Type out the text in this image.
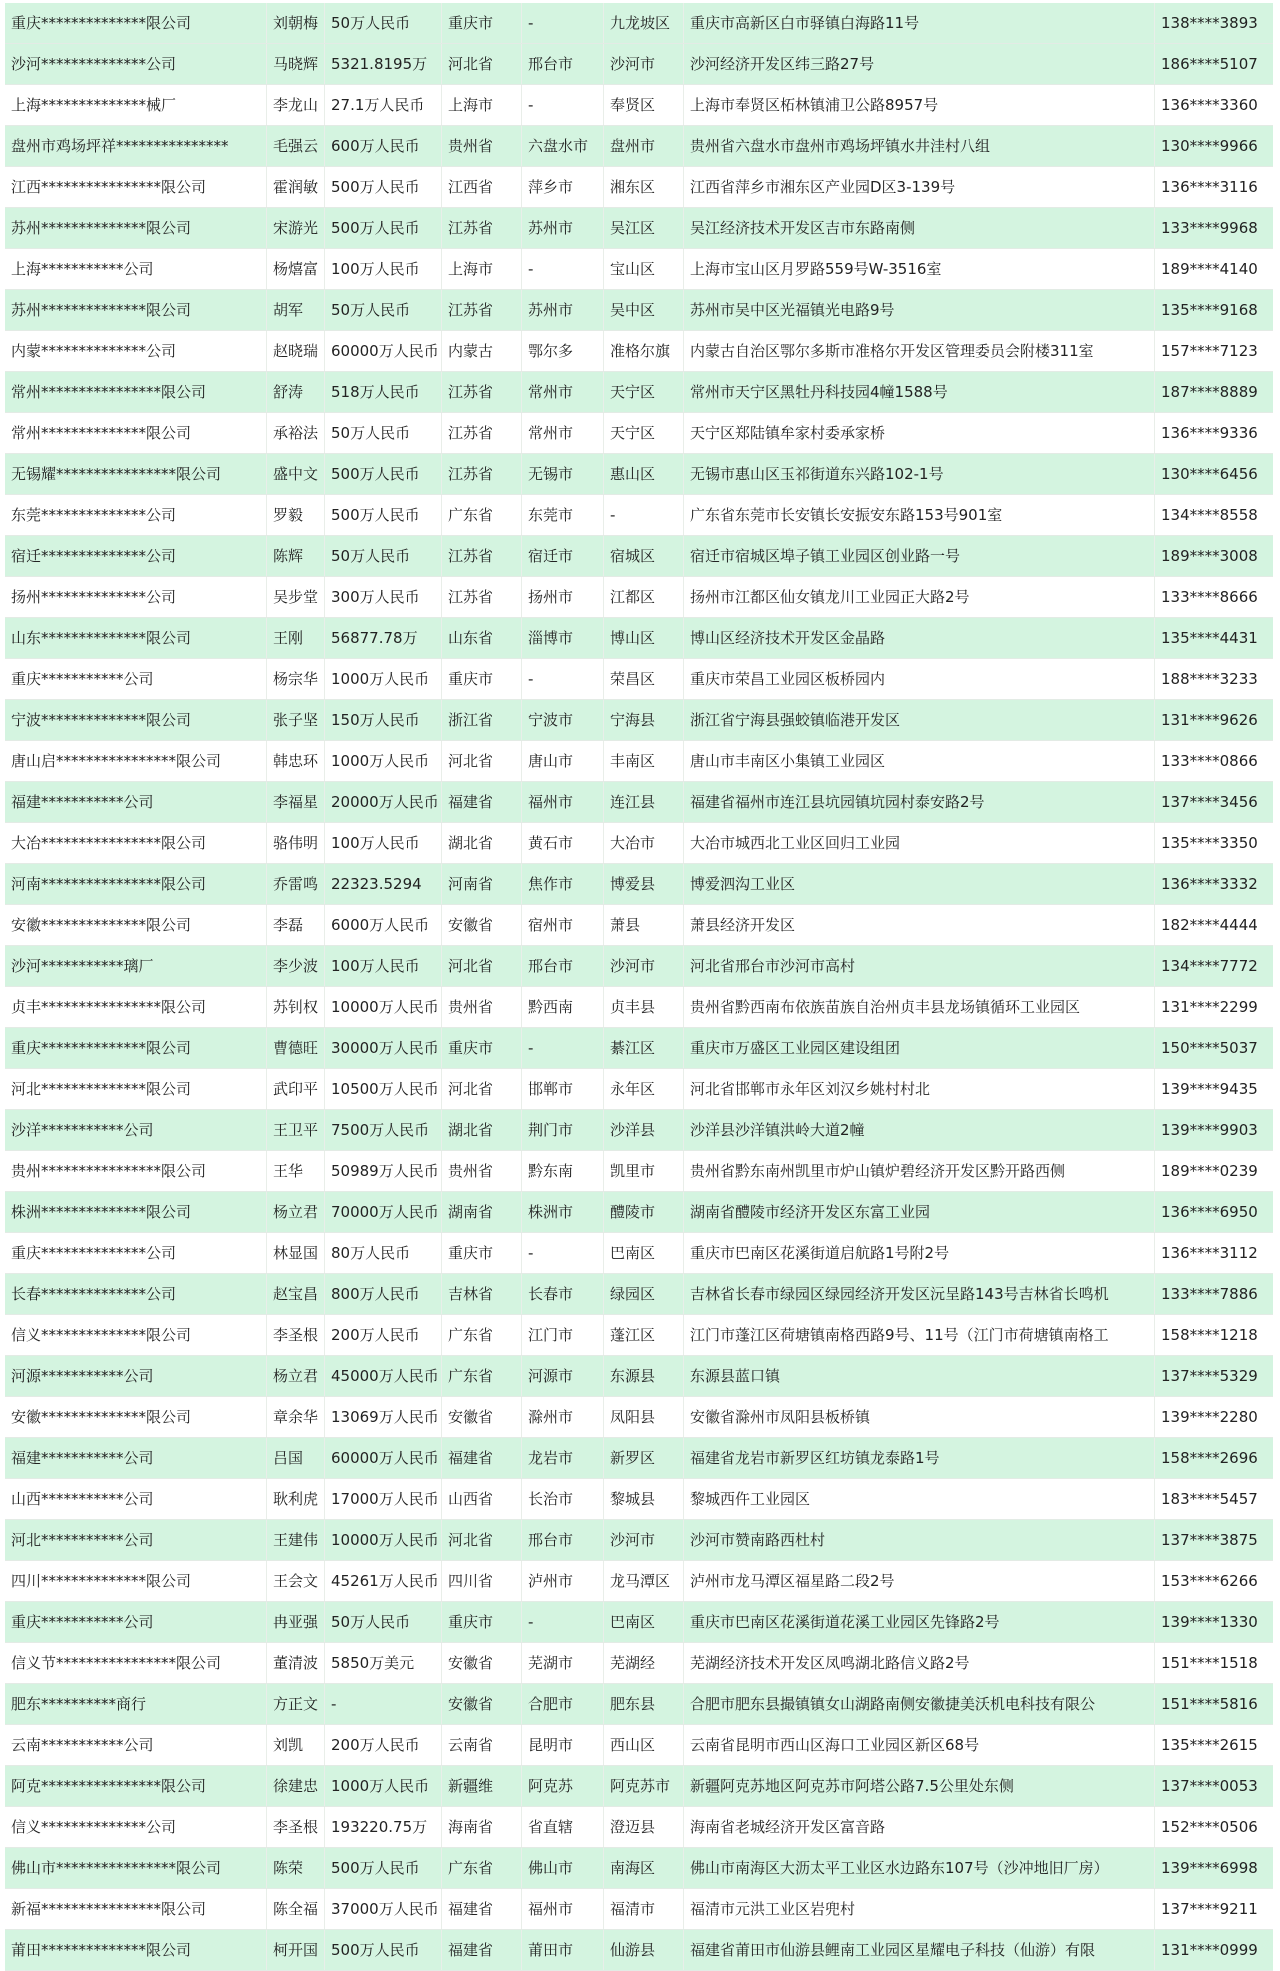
重庆**************限公司	刘朝梅 50万人民币	重庆市	-	九龙坡区	重庆市高新区白市驿镇白海路11号	138****3893
沙河**************公司	马晓辉 5321.8195万	河北省	邢台市	沙河市	沙河经济开发区纬三路27号	186****5107
上海**************械厂	李龙山 27.1万人民币	上海市	-	奉贤区	上海市奉贤区柘林镇浦卫公路8957号	136****3360
盘州市鸡场坪祥***************	毛强云 600万人民币	贵州省	六盘水市	盘州市	贵州省六盘水市盘州市鸡场坪镇水井洼村八组	130****9966
江西****************限公司	霍润敏 500万人民币	江西省	萍乡市	湘东区	江西省萍乡市湘东区产业园D区3-139号	136****3116
苏州**************限公司	宋游光 500万人民币	江苏省	苏州市	吴江区	吴江经济技术开发区吉市东路南侧	133****9968
上海***********公司	杨熺富 100万人民币	上海市	-	宝山区	上海市宝山区月罗路559号W-3516室	189****4140
苏州**************限公司	胡军	50万人民币	江苏省	苏州市	吴中区	苏州市吴中区光福镇光电路9号	135****9168
内蒙**************公司	赵晓瑞 60000万人民币 内蒙古	鄂尔多	准格尔旗	内蒙古自治区鄂尔多斯市准格尔开发区管理委员会附楼311室	157****7123
常州****************限公司	舒涛	518万人民币	江苏省	常州市	天宁区	常州市天宁区黑牡丹科技园4幢1588号	187****8889
常州**************限公司	承裕法 50万人民币	江苏省	常州市	天宁区	天宁区郑陆镇牟家村委承家桥	136****9336
无锡耀****************限公司	盛中文 500万人民币	江苏省	无锡市	惠山区	无锡市惠山区玉祁街道东兴路102-1号	130****6456
东莞**************公司	罗毅	500万人民币	广东省	东莞市	-	广东省东莞市长安镇长安振安东路153号901室	134****8558
宿迁**************公司	陈辉	50万人民币	江苏省	宿迁市	宿城区	宿迁市宿城区埠子镇工业园区创业路一号	189****3008
扬州**************公司	吴步堂 300万人民币	江苏省	扬州市	江都区	扬州市江都区仙女镇龙川工业园正大路2号	133****8666
山东**************限公司	王刚	56877.78万	山东省	淄博市	博山区	博山区经济技术开发区金晶路	135****4431
重庆***********公司	杨宗华 1000万人民币	重庆市	-	荣昌区	重庆市荣昌工业园区板桥园内	188****3233
宁波**************限公司	张子坚 150万人民币	浙江省	宁波市	宁海县	浙江省宁海县强蛟镇临港开发区	131****9626
唐山启****************限公司	韩忠环 1000万人民币	河北省	唐山市	丰南区	唐山市丰南区小集镇工业园区	133****0866
福建***********公司	李福星 20000万人民币 福建省	福州市	连江县	福建省福州市连江县坑园镇坑园村泰安路2号	137****3456
大冶****************限公司	骆伟明 100万人民币	湖北省	黄石市	大冶市	大冶市城西北工业区回归工业园	135****3350
河南****************限公司	乔雷鸣 22323.5294	河南省	焦作市	博爱县	博爱泗沟工业区	136****3332
安徽**************限公司	李磊	6000万人民币	安徽省	宿州市	萧县	萧县经济开发区	182****4444
沙河***********璃厂	李少波 100万人民币	河北省	邢台市	沙河市	河北省邢台市沙河市高村	134****7772
贞丰****************限公司	苏钊权 10000万人民币 贵州省	黔西南	贞丰县	贵州省黔西南布依族苗族自治州贞丰县龙场镇循环工业园区	131****2299
重庆**************限公司	曹德旺 30000万人民币 重庆市	-	綦江区	重庆市万盛区工业园区建设组团	150****5037
河北**************限公司	武印平 10500万人民币 河北省	邯郸市	永年区	河北省邯郸市永年区刘汉乡姚村村北	139****9435
沙洋***********公司	王卫平 7500万人民币	湖北省	荆门市	沙洋县	沙洋县沙洋镇洪岭大道2幢	139****9903
贵州****************限公司	王华	50989万人民币 贵州省	黔东南	凯里市	贵州省黔东南州凯里市炉山镇炉碧经济开发区黔开路西侧	189****0239
株洲**************限公司	杨立君 70000万人民币 湖南省	株洲市	醴陵市	湖南省醴陵市经济开发区东富工业园	136****6950
重庆**************公司	林显国 80万人民币	重庆市	-	巴南区	重庆市巴南区花溪街道启航路1号附2号	136****3112
长春**************公司	赵宝昌 800万人民币	吉林省	长春市	绿园区	吉林省长春市绿园区绿园经济开发区沅呈路143号吉林省长鸣机	133****7886
信义**************限公司	李圣根 200万人民币	广东省	江门市	蓬江区	江门市蓬江区荷塘镇南格西路9号、11号（江门市荷塘镇南格工	158****1218
河源***********公司	杨立君 45000万人民币 广东省	河源市	东源县	东源县蓝口镇	137****5329
安徽**************限公司	章余华 13069万人民币 安徽省	滁州市	凤阳县	安徽省滁州市凤阳县板桥镇	139****2280
福建***********公司	吕国	60000万人民币 福建省	龙岩市	新罗区	福建省龙岩市新罗区红坊镇龙泰路1号	158****2696
山西***********公司	耿利虎 17000万人民币 山西省	长治市	黎城县	黎城西仵工业园区	183****5457
河北***********公司	王建伟 10000万人民币 河北省	邢台市	沙河市	沙河市赞南路西杜村	137****3875
四川**************限公司	王会文 45261万人民币 四川省	泸州市	龙马潭区	泸州市龙马潭区福星路二段2号	153****6266
重庆***********公司	冉亚强 50万人民币	重庆市	-	巴南区	重庆市巴南区花溪街道花溪工业园区先锋路2号	139****1330
信义节****************限公司	董清波 5850万美元	安徽省	芜湖市	芜湖经	芜湖经济技术开发区凤鸣湖北路信义路2号	151****1518
肥东**********商行	方正文 -	安徽省	合肥市	肥东县	合肥市肥东县撮镇镇女山湖路南侧安徽捷美沃机电科技有限公	151****5816
云南***********公司	刘凯	200万人民币	云南省	昆明市	西山区	云南省昆明市西山区海口工业园区新区68号	135****2615
阿克****************限公司	徐建忠 1000万人民币	新疆维	阿克苏	阿克苏市	新疆阿克苏地区阿克苏市阿塔公路7.5公里处东侧	137****0053
信义**************公司	李圣根 193220.75万	海南省	省直辖	澄迈县	海南省老城经济开发区富音路	152****0506
佛山市****************限公司	陈荣	500万人民币	广东省	佛山市	南海区	佛山市南海区大沥太平工业区水边路东107号（沙冲地旧厂房）	139****6998
新福****************限公司	陈全福 37000万人民币 福建省	福州市	福清市	福清市元洪工业区岩兜村	137****9211
莆田**************限公司	柯开国 500万人民币	福建省	莆田市	仙游县	福建省莆田市仙游县鲤南工业园区星耀电子科技（仙游）有限	131****0999
